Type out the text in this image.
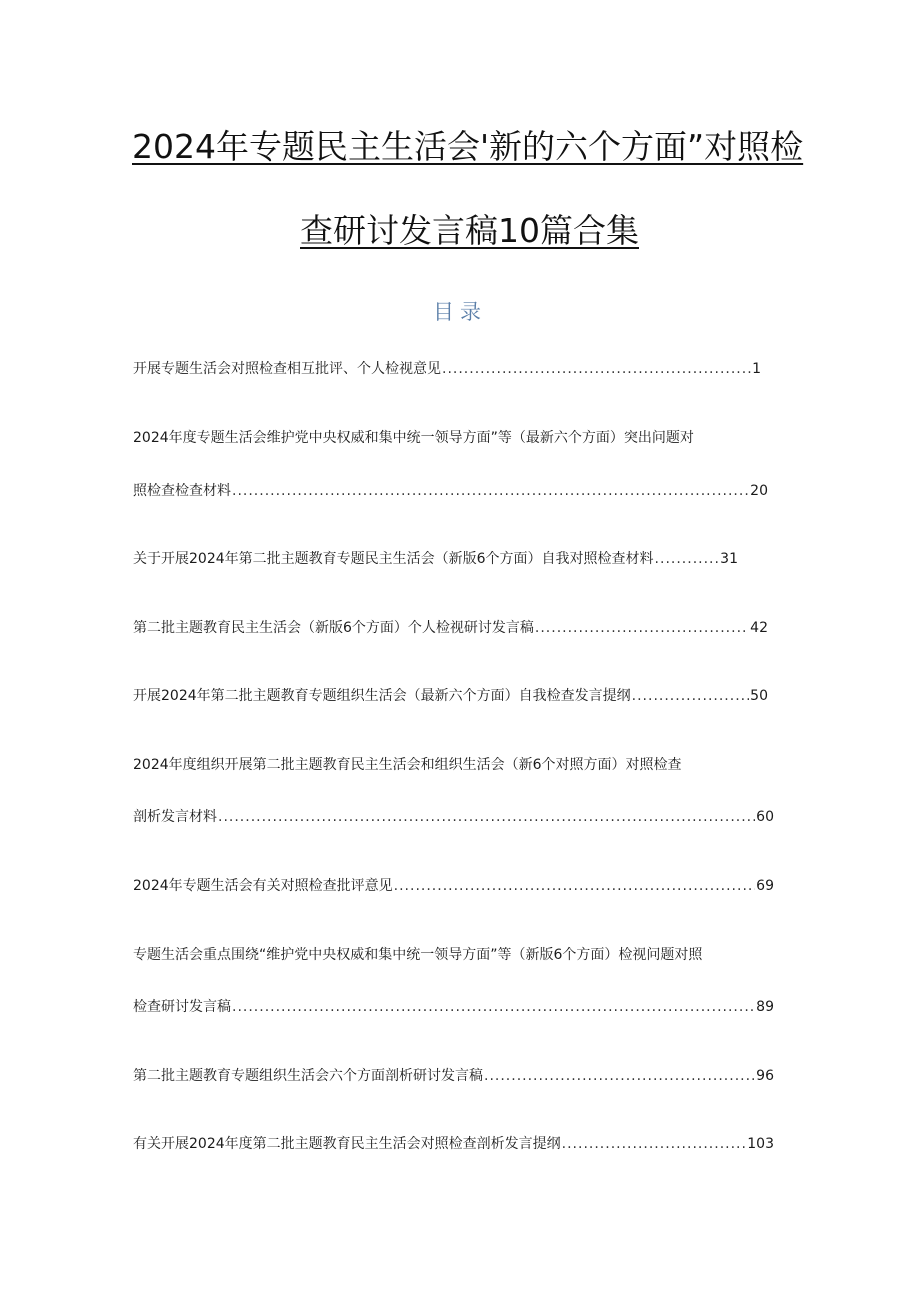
2024年专题民主生活会'新的六个方面”对照检
查研讨发言稿10篇合集
目录
开展专题生活会对照检查相互批评、个人检视意见 .....	1
2024年度专题生活会维护党中央权威和集中统一领导方面”等（最新六个方面）突出问题对
照检查检查材料 .....	20
关于开展2024年第二批主题教育专题民主生活会（新版6个方面）自我对照检查材料 .....	31
第二批主题教育民主生活会（新版6个方面）个人检视研讨发言稿 .....	42
开展2024年第二批主题教育专题组织生活会（最新六个方面）自我检查发言提纲 .....	50
2024年度组织开展第二批主题教育民主生活会和组织生活会（新6个对照方面）对照检查
剖析发言材料 .....	60
2024年专题生活会有关对照检查批评意见 .....	69
专题生活会重点围绕“维护党中央权威和集中统一领导方面”等（新版6个方面）检视问题对照
检查研讨发言稿 .....	89
第二批主题教育专题组织生活会六个方面剖析研讨发言稿 .....	96
有关开展2024年度第二批主题教育民主生活会对照检查剖析发言提纲 .....	103
